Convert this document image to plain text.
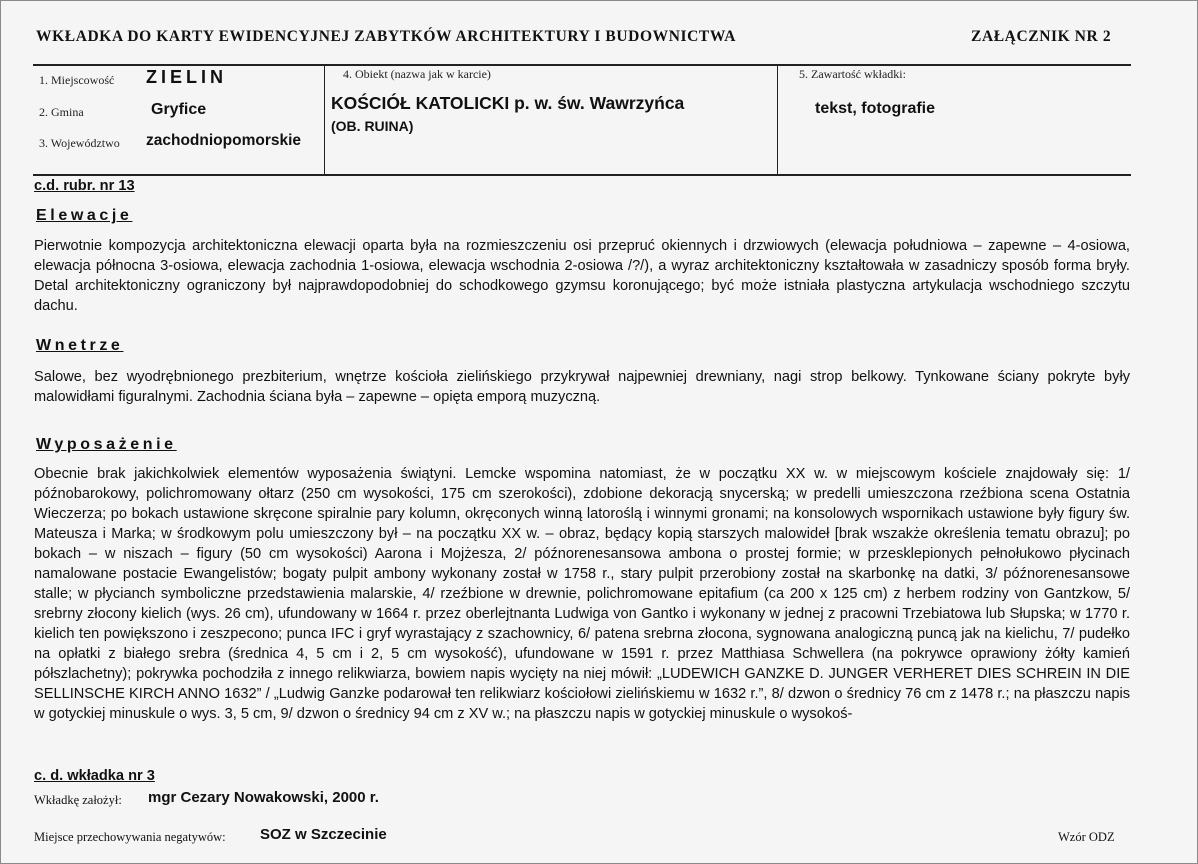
WKŁADKA DO KARTY EWIDENCYJNEJ ZABYTKÓW ARCHITEKTURY I BUDOWNICTWA	ZAŁĄCZNIK NR 2
1. Miejscowość ZIELIN
2. Gmina	Gryfice
3. Województwo zachodniopomorskie
4. Obiekt (nazwa jak w karcie)
KOŚCIÓŁ KATOLICKI p. w. św. Wawrzyńca
(OB. RUINA)
5. Zawartość wkładki:
tekst, fotografie
c.d. rubr. nr 13
Elewacje
Pierwotnie kompozycja architektoniczna elewacji oparta była na rozmieszczeniu osi przepruć okiennych i drzwiowych (elewacja południowa – zapewne – 4-osiowa, elewacja północna 3-osiowa, elewacja zachodnia 1-osiowa, elewacja wschodnia 2-osiowa /?/), a wyraz architektoniczny kształtowała w zasadniczy sposób forma bryły. Detal architektoniczny ograniczony był najprawdopodobniej do schodkowego gzymsu koronującego; być może istniała plastyczna artykulacja wschodniego szczytu dachu.
Wnetrze
Salowe, bez wyodrębnionego prezbiterium, wnętrze kościoła zielińskiego przykrywał najpewniej drewniany, nagi strop belkowy. Tynkowane ściany pokryte były malowidłami figuralnymi. Zachodnia ściana była – zapewne – opięta emporą muzyczną.
Wyposażenie
Obecnie brak jakichkolwiek elementów wyposażenia świątyni. Lemcke wspomina natomiast, że w początku XX w. w miejscowym kościele znajdowały się: 1/ późnobarokowy, polichromowany ołtarz (250 cm wysokości, 175 cm szerokości), zdobione dekoracją snycerską; w predelli umieszczona rzeźbiona scena Ostatnia Wieczerza; po bokach ustawione skręcone spiralnie pary kolumn, okręconych winną latoroślą i winnymi gronami; na konsolowych wspornikach ustawione były figury św. Mateusza i Marka; w środkowym polu umieszczony był – na początku XX w. – obraz, będący kopią starszych malowideł [brak wszakże określenia tematu obrazu]; po bokach – w niszach – figury (50 cm wysokości) Aarona i Mojżesza, 2/ późnorenesansowa ambona o prostej formie; w przesklepionych pełnołukowo płycinach namalowane postacie Ewangelistów; bogaty pulpit ambony wykonany został w 1758 r., stary pulpit przerobiony został na skarbonkę na datki, 3/ późnorenesansowe stalle; w płycianch symboliczne przedstawienia malarskie, 4/ rzeźbione w drewnie, polichromowane epitafium (ca 200 x 125 cm) z herbem rodziny von Gantzkow, 5/ srebrny złocony kielich (wys. 26 cm), ufundowany w 1664 r. przez oberlejtnanta Ludwiga von Gantko i wykonany w jednej z pracowni Trzebiatowa lub Słupska; w 1770 r. kielich ten powiększono i zeszpecono; punca IFC i gryf wyrastający z szachownicy, 6/ patena srebrna złocona, sygnowana analogiczną puncą jak na kielichu, 7/ pudełko na opłatki z białego srebra (średnica 4, 5 cm i 2, 5 cm wysokość), ufundowane w 1591 r. przez Matthiasa Schwellera (na pokrywce oprawiony żółty kamień półszlachetny); pokrywka pochodziła z innego relikwiarza, bowiem napis wycięty na niej mówił: „LUDEWICH GANZKE D. JUNGER VERHERET DIES SCHREIN IN DIE SELLINSCHE KIRCH ANNO 1632” / „Ludwig Ganzke podarował ten relikwiarz kościołowi zielińskiemu w 1632 r.”, 8/ dzwon o średnicy 76 cm z 1478 r.; na płaszczu napis w gotyckiej minuskule o wys. 3, 5 cm, 9/ dzwon o średnicy 94 cm z XV w.; na płaszczu napis w gotyckiej minuskule o wysokoś-
c. d. wkładka nr 3
Wkładkę założył: mgr Cezary Nowakowski, 2000 r.
Miejsce przechowywania negatywów: SOZ w Szczecinie	Wzór ODZ
